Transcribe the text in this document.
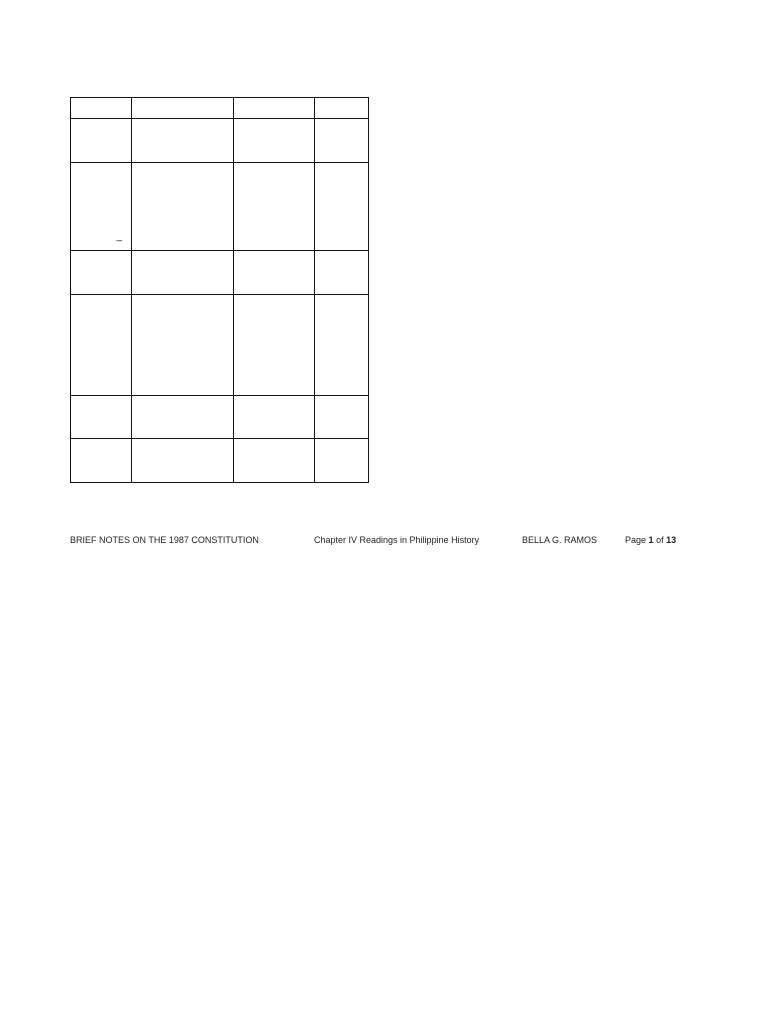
_			

BRIEF NOTES ON THE 1987 CONSTITUTION	Chapter IV Readings in Philippine History	BELLA G. RAMOS	Page 1 of 13
